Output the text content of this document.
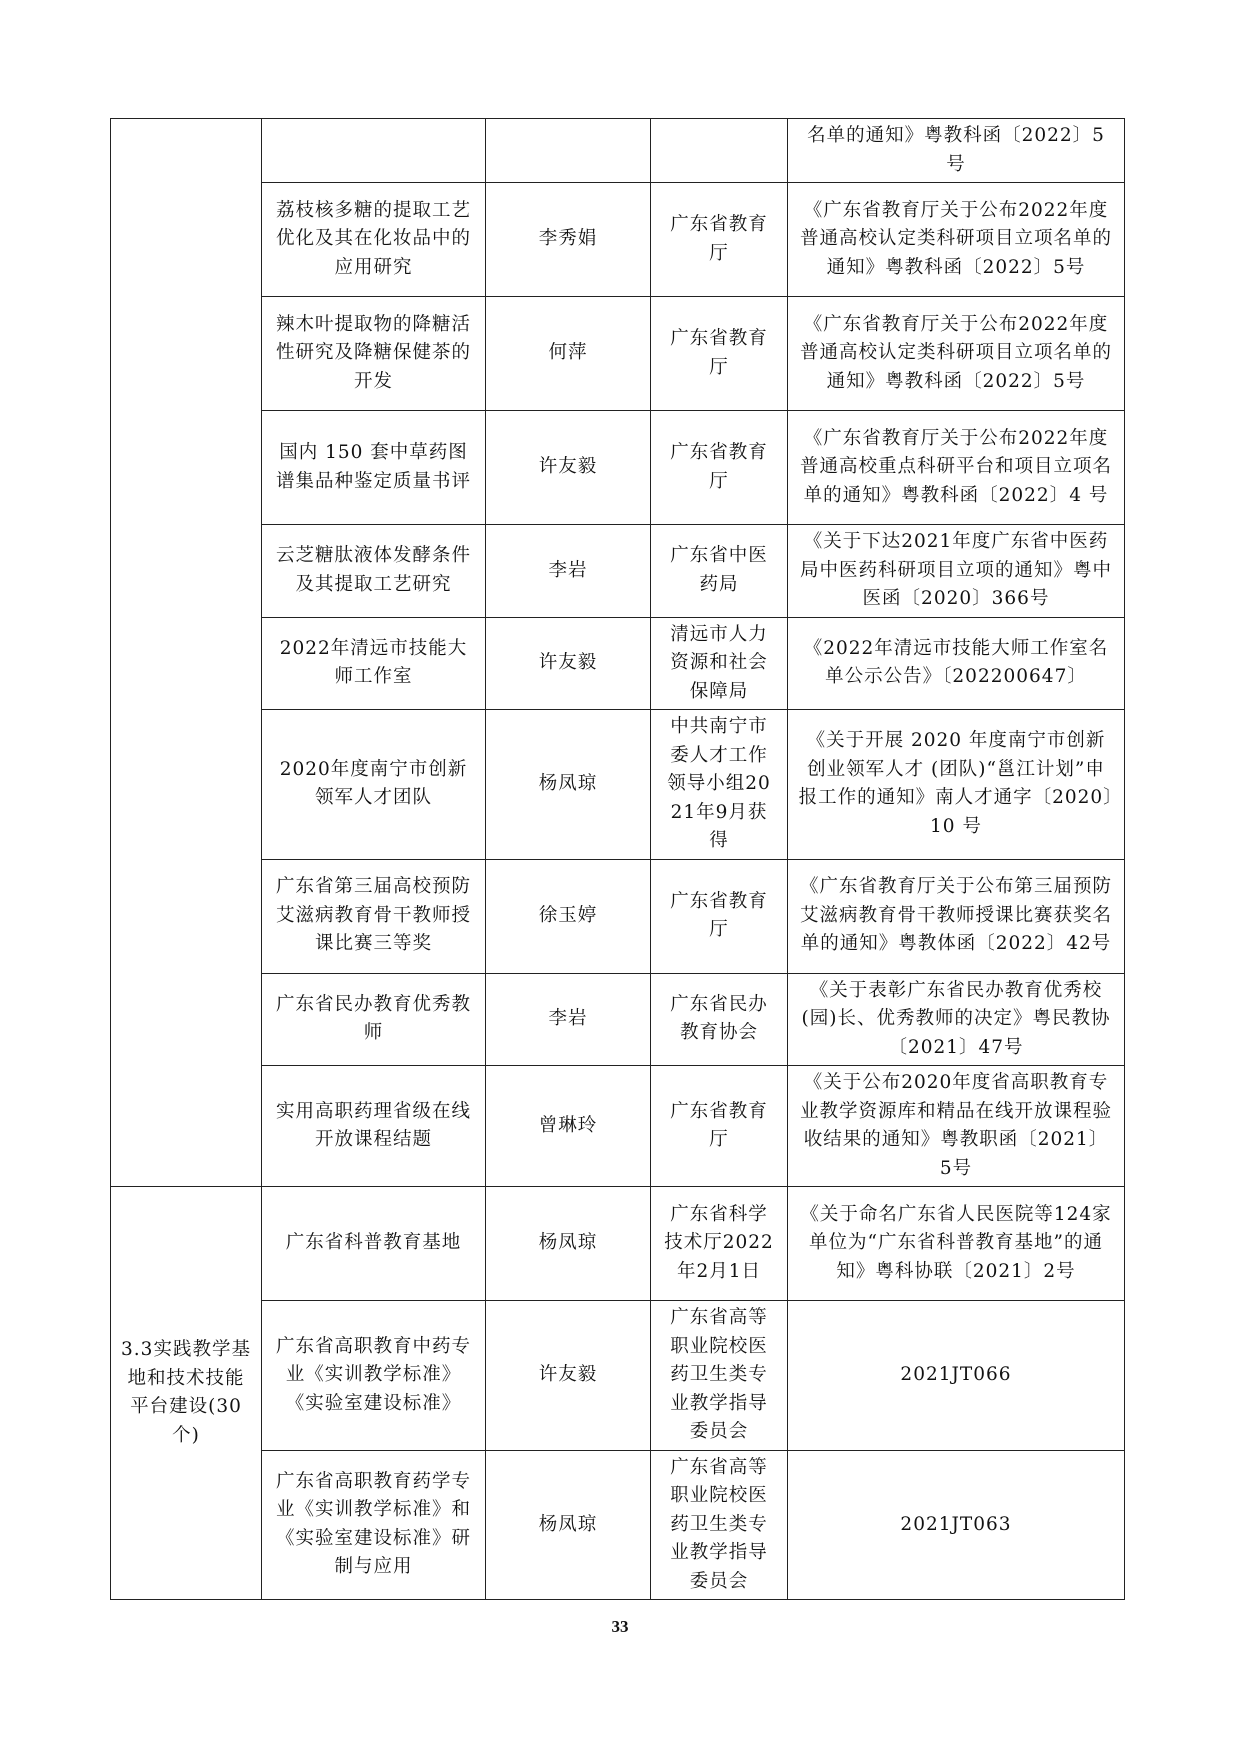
				名单的通知》粤教科函〔2022〕5号
	荔枝核多糖的提取工艺优化及其在化妆品中的应用研究	李秀娟	广东省教育厅	《广东省教育厅关于公布2022年度普通高校认定类科研项目立项名单的通知》粤教科函〔2022〕5号
	辣木叶提取物的降糖活性研究及降糖保健茶的开发	何萍	广东省教育厅	《广东省教育厅关于公布2022年度普通高校认定类科研项目立项名单的通知》粤教科函〔2022〕5号
	国内 150 套中草药图谱集品种鉴定质量书评	许友毅	广东省教育厅	《广东省教育厅关于公布2022年度普通高校重点科研平台和项目立项名单的通知》粤教科函〔2022〕4 号
	云芝糖肽液体发酵条件及其提取工艺研究	李岩	广东省中医药局	《关于下达2021年度广东省中医药局中医药科研项目立项的通知》粤中医函〔2020〕366号
	2022年清远市技能大师工作室	许友毅	清远市人力资源和社会保障局	《2022年清远市技能大师工作室名单公示公告》〔202200647〕
	2020年度南宁市创新领军人才团队	杨凤琼	中共南宁市委人才工作领导小组2021年9月获得	《关于开展 2020 年度南宁市创新创业领军人才 (团队)“邕江计划”申报工作的通知》南人才通字〔2020〕10 号
	广东省第三届高校预防艾滋病教育骨干教师授课比赛三等奖	徐玉婷	广东省教育厅	《广东省教育厅关于公布第三届预防艾滋病教育骨干教师授课比赛获奖名单的通知》粤教体函〔2022〕42号
	广东省民办教育优秀教师	李岩	广东省民办教育协会	《关于表彰广东省民办教育优秀校(园)长、优秀教师的决定》粤民教协〔2021〕47号
	实用高职药理省级在线开放课程结题	曾琳玲	广东省教育厅	《关于公布2020年度省高职教育专业教学资源库和精品在线开放课程验收结果的通知》粤教职函〔2021〕5号
3.3实践教学基地和技术技能平台建设(30个)	广东省科普教育基地	杨凤琼	广东省科学技术厅2022年2月1日	《关于命名广东省人民医院等124家单位为“广东省科普教育基地”的通知》粤科协联〔2021〕2号
	广东省高职教育中药专业《实训教学标准》《实验室建设标准》	许友毅	广东省高等职业院校医药卫生类专业教学指导委员会	2021JT066
	广东省高职教育药学专业《实训教学标准》和《实验室建设标准》研制与应用	杨凤琼	广东省高等职业院校医药卫生类专业教学指导委员会	2021JT063
33
